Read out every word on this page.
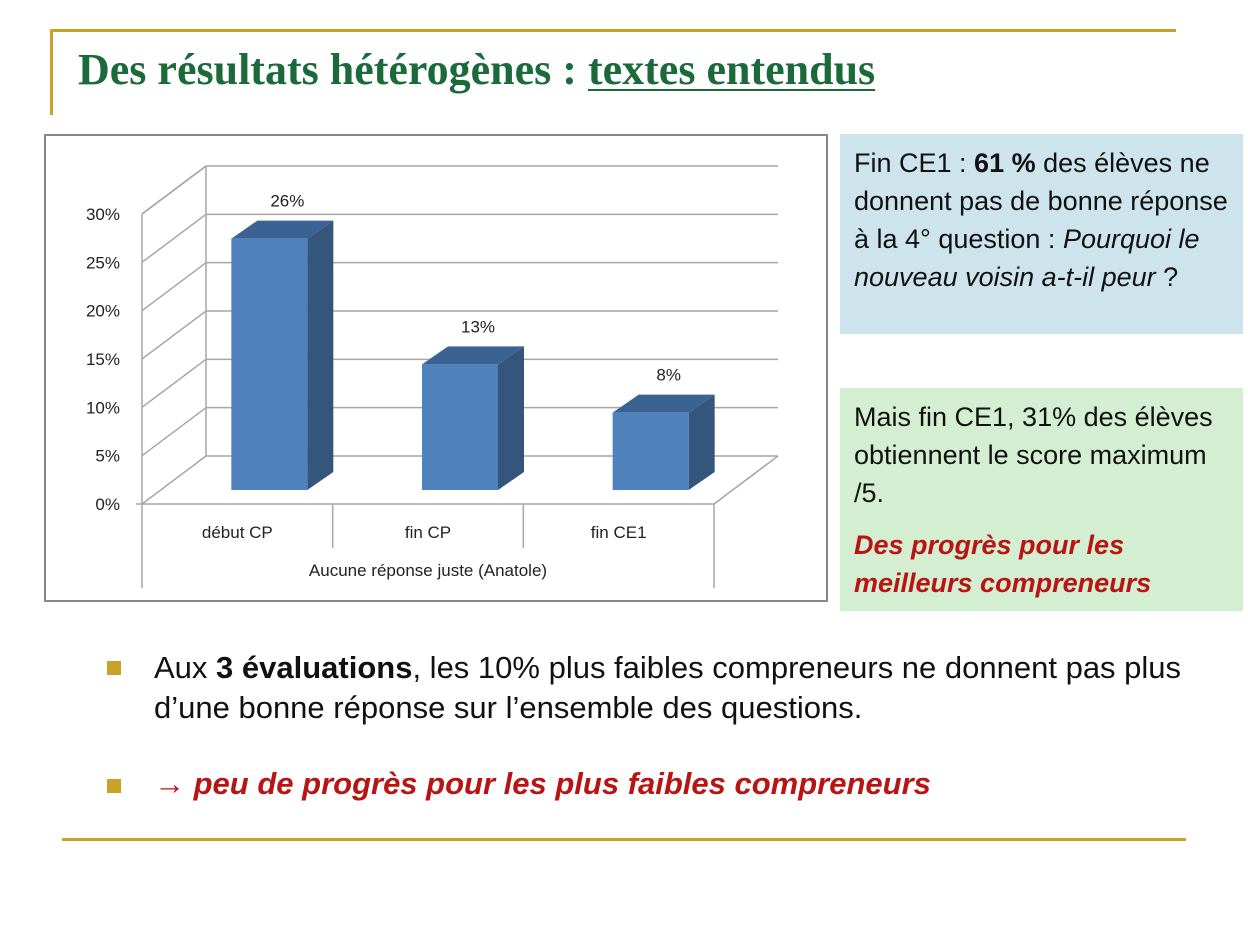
Des résultats hétérogènes : textes entendus
0%
5%
10%
15%
20%
25%
30%
26%
13%
8%
début CP	fin CP	fin CE1
Aucune réponse juste (Anatole)
Fin CE1 : 61 % des élèves ne donnent pas de bonne réponse à la 4° question : Pourquoi le nouveau voisin a-t-il peur ?
Mais fin CE1, 31% des élèves obtiennent le score maximum /5.
Des progrès pour les meilleurs compreneurs
Aux 3 évaluations, les 10% plus faibles compreneurs ne donnent pas plus d’une bonne réponse sur l’ensemble des questions.
→ peu de progrès pour les plus faibles compreneurs
